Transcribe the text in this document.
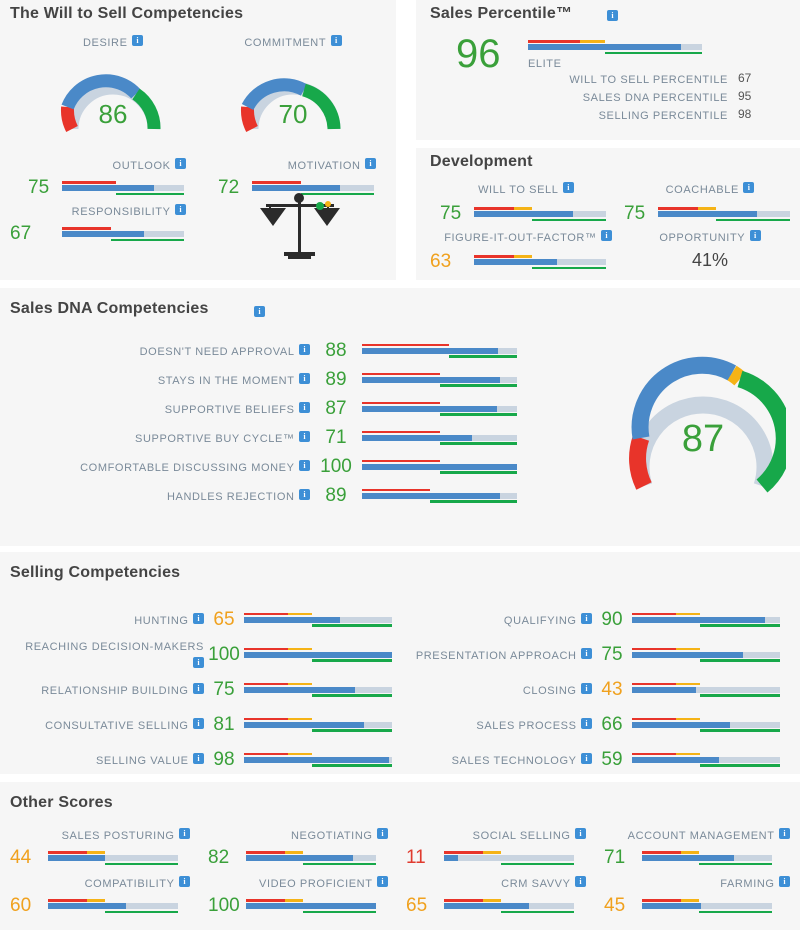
The Will to Sell Competencies
DESIRE i
86
COMMITMENT i
70
OUTLOOK i
75
MOTIVATION i
72
RESPONSIBILITY i
67
Sales Percentile™	i
96	ELITE
WILL TO SELL PERCENTILE 67
SALES DNA PERCENTILE 95
SELLING PERCENTILE 98
Development
WILL TO SELL i
75
COACHABLE i
75
FIGURE-IT-OUT-FACTOR™ i
63
OPPORTUNITY i
41%
Sales DNA Competencies	i
DOESN'T NEED APPROVAL i	88
STAYS IN THE MOMENT i	89
SUPPORTIVE BELIEFS i	87
SUPPORTIVE BUY CYCLE™ i	71
COMFORTABLE DISCUSSING MONEY i 100
HANDLES REJECTION i	89
87
Selling Competencies
HUNTING i 65
REACHING DECISION-MAKERS i 100
RELATIONSHIP BUILDING i 75
CONSULTATIVE SELLING i 81
SELLING VALUE i 98
QUALIFYING i 90
PRESENTATION APPROACH i 75
CLOSING i 43
SALES PROCESS i 66
SALES TECHNOLOGY i 59
Other Scores
SALES POSTURING i
44
NEGOTIATING i
82
SOCIAL SELLING i
11
ACCOUNT MANAGEMENT i
71
COMPATIBILITY i
60
VIDEO PROFICIENT i
100
CRM SAVVY i
65
FARMING i
45
